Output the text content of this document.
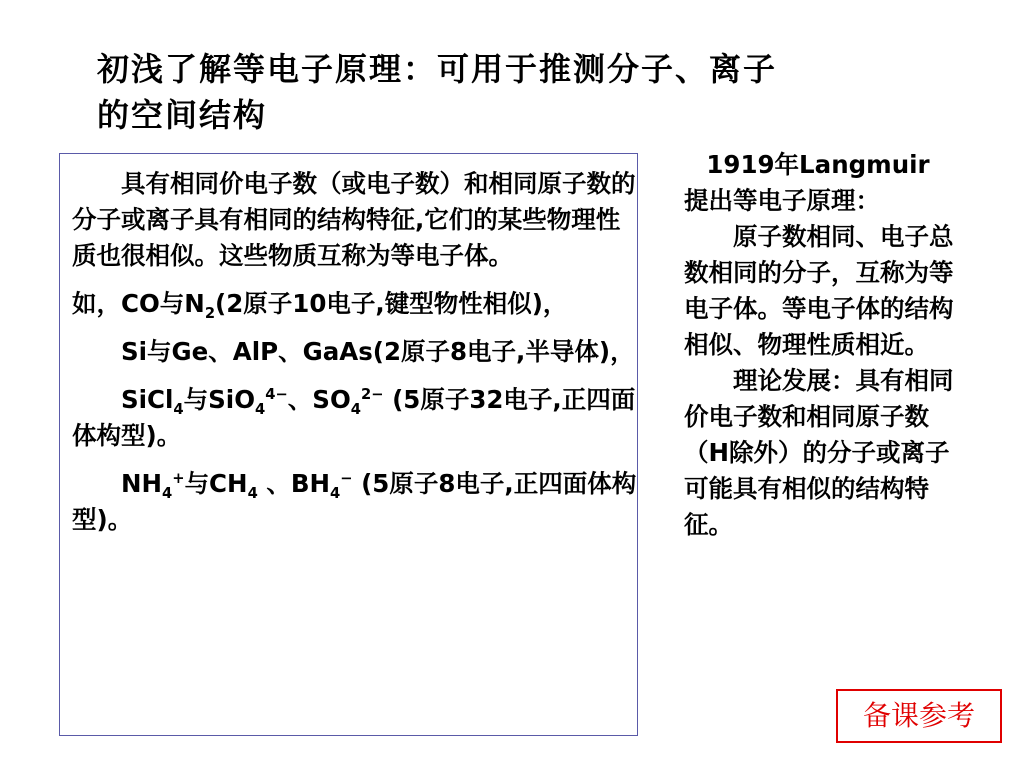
初浅了解等电子原理：可用于推测分子、离子
的空间结构

具有相同价电子数（或电子数）和相同原子数的分子或离子具有相同的结构特征,它们的某些物理性质也很相似。这些物质互称为等电子体。

如，CO与$N_2(2$原子10电子,键型物性相似)，

Si与Ge、AlP、GaAs(2原子8电子,半导体)，

SiCl$_4$与SiO$_4^{4-}$、$SO_4^{2-}$ (5原子32电子,正四面体构型)。

$NH_4^+$与$CH_4$ 、$BH_4^-$ (5原子8电子,正四面体构型)。

1919年Langmuir

提出等电子原理：

原子数相同、电子总数相同的分子，互称为等电子体。等电子体的结构相似、物理性质相近。

理论发展：具有相同价电子数和相同原子数（H除外）的分子或离子可能具有相似的结构特征。

备课参考
